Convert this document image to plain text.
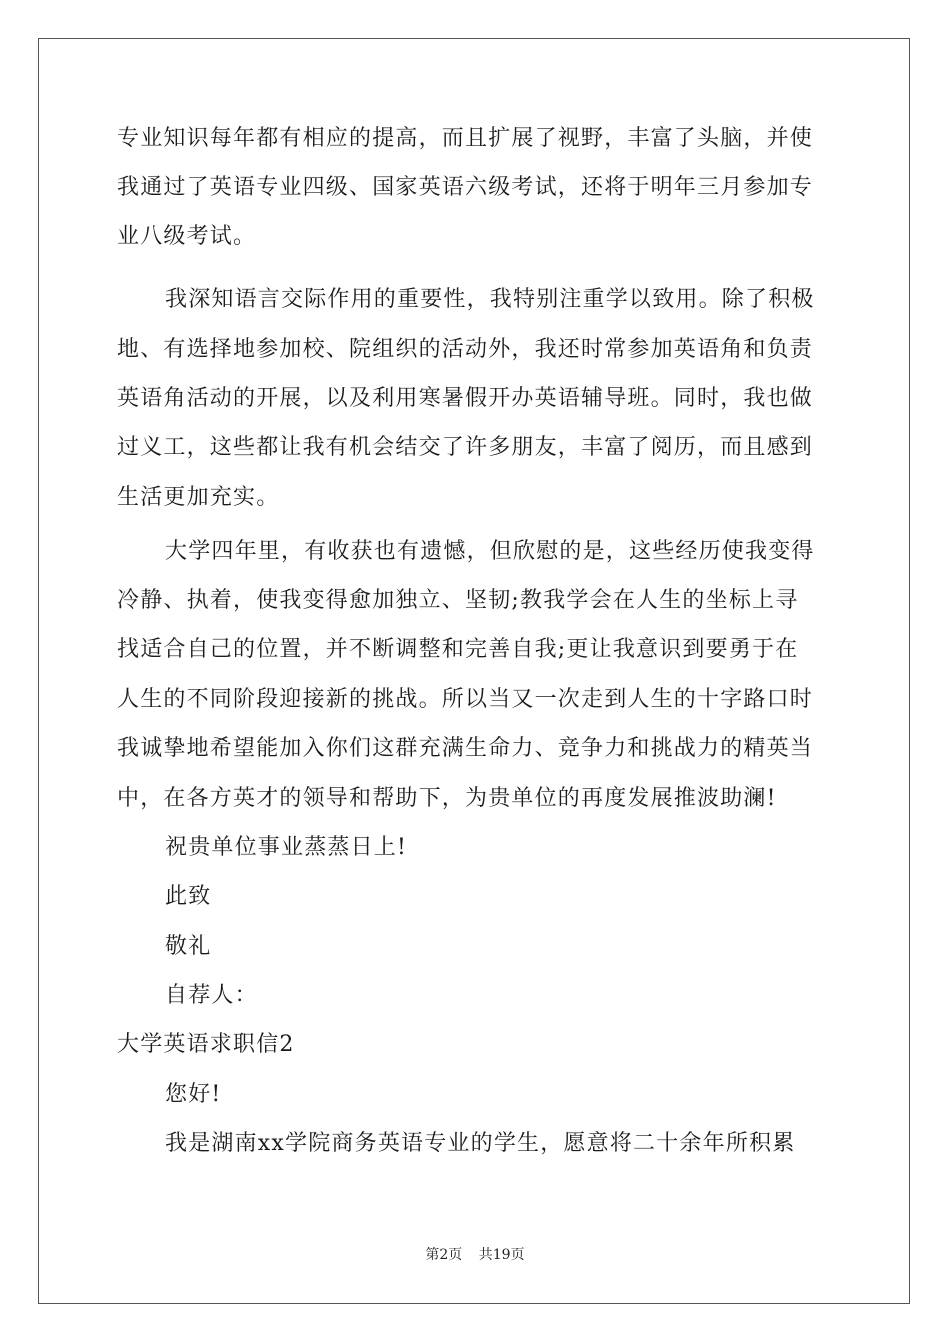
专业知识每年都有相应的提高，而且扩展了视野，丰富了头脑，并使
我通过了英语专业四级、国家英语六级考试，还将于明年三月参加专
业八级考试。
我深知语言交际作用的重要性，我特别注重学以致用。除了积极
地、有选择地参加校、院组织的活动外，我还时常参加英语角和负责
英语角活动的开展，以及利用寒暑假开办英语辅导班。同时，我也做
过义工，这些都让我有机会结交了许多朋友，丰富了阅历，而且感到
生活更加充实。
大学四年里，有收获也有遗憾，但欣慰的是，这些经历使我变得
冷静、执着，使我变得愈加独立、坚韧;教我学会在人生的坐标上寻
找适合自己的位置，并不断调整和完善自我;更让我意识到要勇于在
人生的不同阶段迎接新的挑战。所以当又一次走到人生的十字路口时
我诚挚地希望能加入你们这群充满生命力、竞争力和挑战力的精英当
中，在各方英才的领导和帮助下，为贵单位的再度发展推波助澜!
祝贵单位事业蒸蒸日上!
此致
敬礼
自荐人：
大学英语求职信2
您好!
我是湖南xx学院商务英语专业的学生，愿意将二十余年所积累
第2页 共19页
